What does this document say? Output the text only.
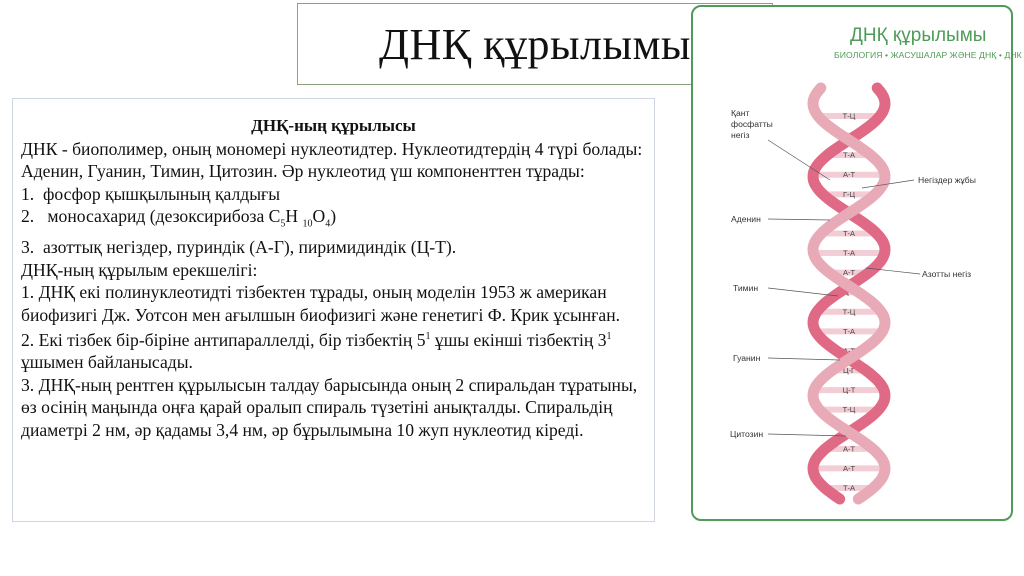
ДНҚ құрылымы

ДНҚ-ның құрылысы

ДНК - биополимер, оның мономері нуклеотидтер. Нуклеотидтердің 4 түрі болады: Аденин, Гуанин, Тимин, Цитозин. Әр нуклеотид үш компоненттен тұрады:

1. фосфор қышқылының қалдығы

2. моносахарид (дезоксирибоза $С_5Н$ $_{10}О_4$)

3. азоттық негіздер, пуриндік (А-Г), пиримидиндік (Ц-Т).

ДНҚ-ның құрылым ерекшелігі:

1. ДНҚ екі полинуклеотидті тізбектен тұрады, оның моделін 1953 ж американ биофизигі Дж. Уотсон мен ағылшын биофизигі және генетигі Ф. Крик ұсынған.

2. Екі тізбек біp-біріне антипараллелді, бір тізбектің $5^1$ ұшы екінші тізбектің $3^1$ ұшымен байланысады.

3. ДНҚ-ның рентген құрылысын талдау барысында оның 2 спиральдан тұратыны, өз осінің маңында оңға қарай оралып спираль түзетіні анықталды. Спиральдің диаметрі 2 нм, әр қадамы 3,4 нм, әр бұрылымына 10 жуп нуклеотид кіреді.

ДНҚ құрылымы
БИОЛОГИЯ • ЖАСУШАЛАР ЖӘНЕ ДНҚ • ДНК
Т-Ц
Ц-Г
Т-А
А-Т
Г-Ц
Т-А
Т-А
А-Т
Ц-Г
Т-Ц
Т-А
А-Т
Ц-Г
Ц-Т
Т-Ц
А-Т
А-Т
Т-А
Қант фосфатты негіз
Негіздер жұбы
Аденин
Азотты негіз
Тимин
Гуанин
Цитозин
